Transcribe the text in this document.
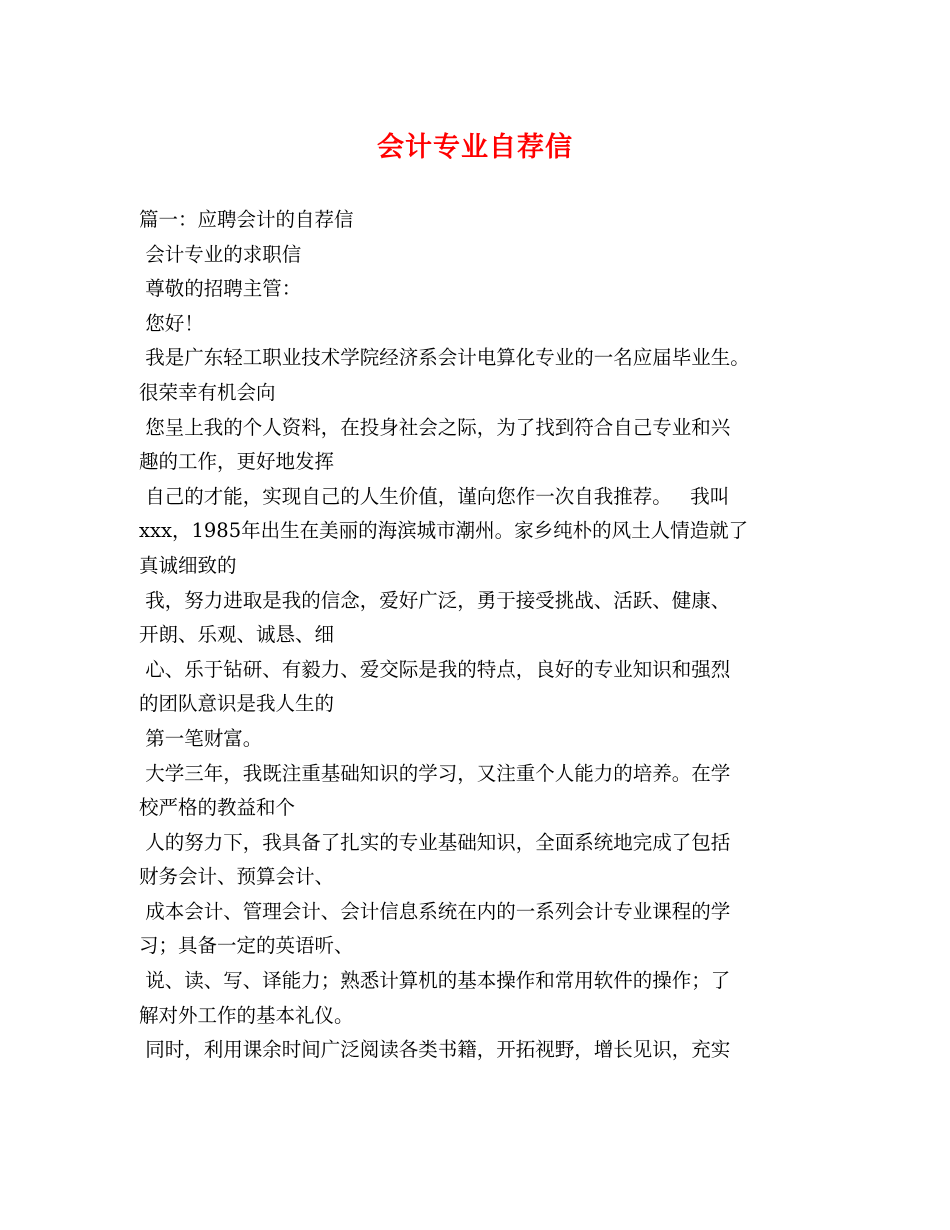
会计专业自荐信
篇一：应聘会计的自荐信
会计专业的求职信
尊敬的招聘主管：
您好！
我是广东轻工职业技术学院经济系会计电算化专业的一名应届毕业生。
很荣幸有机会向
您呈上我的个人资料，在投身社会之际，为了找到符合自己专业和兴
趣的工作，更好地发挥
自己的才能，实现自己的人生价值，谨向您作一次自我推荐。   我叫
xxx，1985年出生在美丽的海滨城市潮州。家乡纯朴的风土人情造就了
真诚细致的
我，努力进取是我的信念，爱好广泛，勇于接受挑战、活跃、健康、
开朗、乐观、诚恳、细
心、乐于钻研、有毅力、爱交际是我的特点，良好的专业知识和强烈
的团队意识是我人生的
第一笔财富。
大学三年，我既注重基础知识的学习，又注重个人能力的培养。在学
校严格的教益和个
人的努力下，我具备了扎实的专业基础知识，全面系统地完成了包括
财务会计、预算会计、
成本会计、管理会计、会计信息系统在内的一系列会计专业课程的学
习；具备一定的英语听、
说、读、写、译能力；熟悉计算机的基本操作和常用软件的操作；了
解对外工作的基本礼仪。
同时，利用课余时间广泛阅读各类书籍，开拓视野，增长见识，充实
